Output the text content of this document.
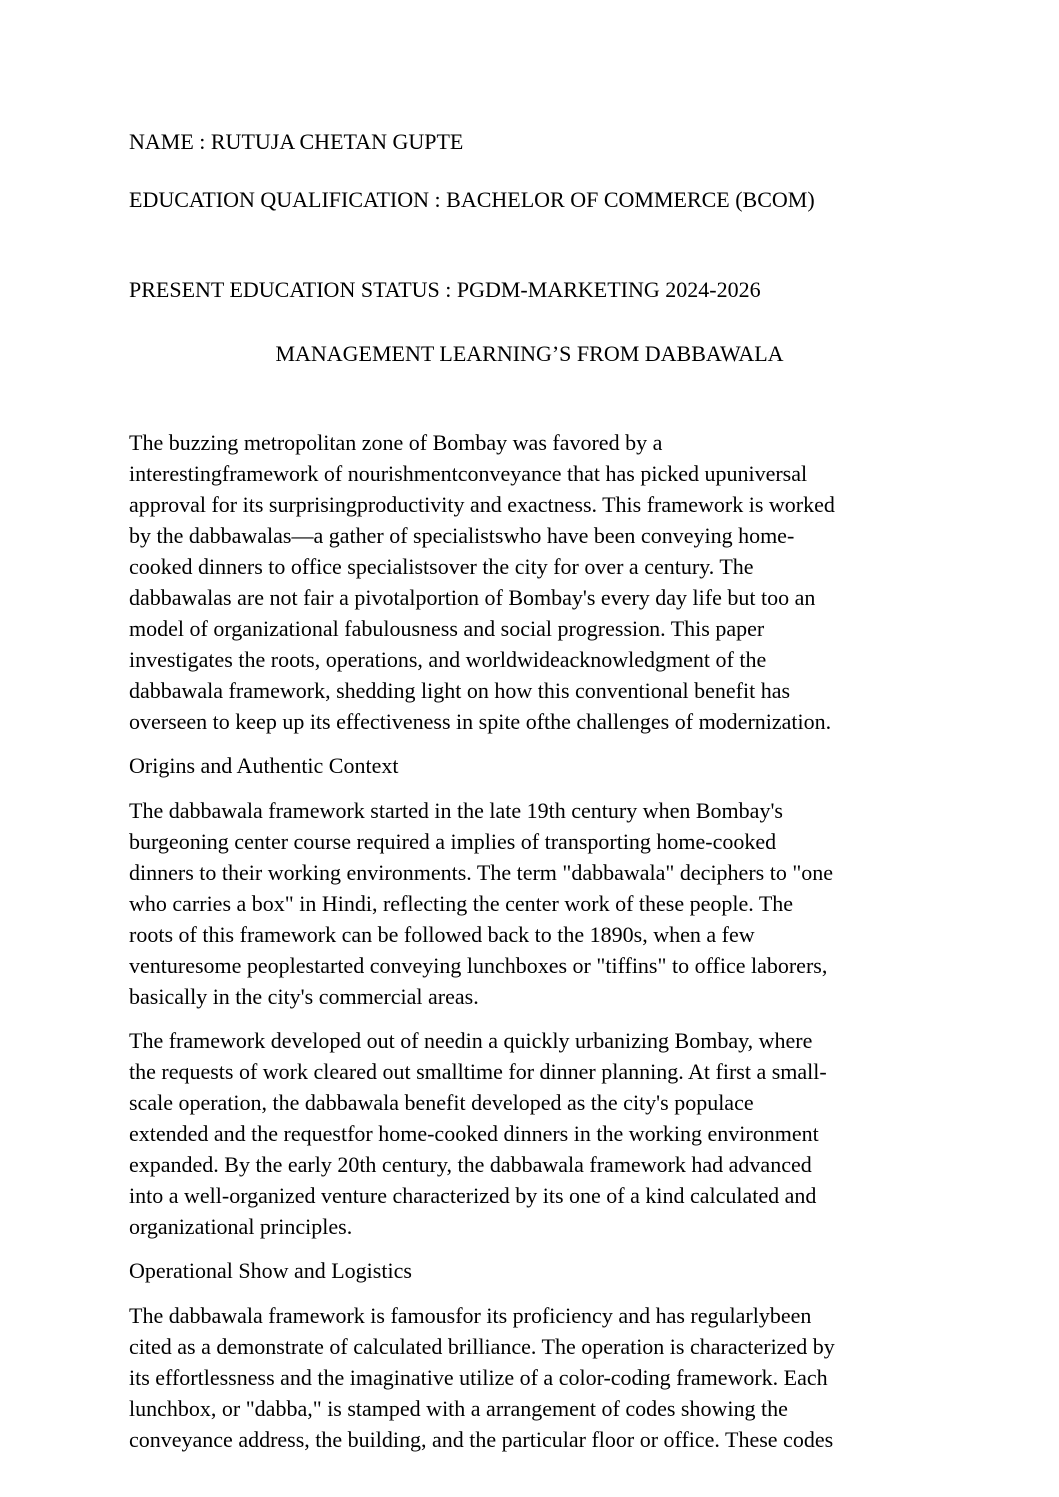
NAME : RUTUJA CHETAN GUPTE
EDUCATION QUALIFICATION : BACHELOR OF COMMERCE (BCOM)
PRESENT EDUCATION STATUS : PGDM-MARKETING 2024-2026
MANAGEMENT LEARNING’S FROM DABBAWALA
The buzzing metropolitan zone of Bombay was favored by a
interestingframework of nourishmentconveyance that has picked upuniversal
approval for its surprisingproductivity and exactness. This framework is worked
by the dabbawalas—a gather of specialistswho have been conveying home-
cooked dinners to office specialistsover the city for over a century. The
dabbawalas are not fair a pivotalportion of Bombay's every day life but too an
model of organizational fabulousness and social progression. This paper
investigates the roots, operations, and worldwideacknowledgment of the
dabbawala framework, shedding light on how this conventional benefit has
overseen to keep up its effectiveness in spite ofthe challenges of modernization.
Origins and Authentic Context
The dabbawala framework started in the late 19th century when Bombay's
burgeoning center course required a implies of transporting home-cooked
dinners to their working environments. The term "dabbawala" deciphers to "one
who carries a box" in Hindi, reflecting the center work of these people. The
roots of this framework can be followed back to the 1890s, when a few
venturesome peoplestarted conveying lunchboxes or "tiffins" to office laborers,
basically in the city's commercial areas.
The framework developed out of needin a quickly urbanizing Bombay, where
the requests of work cleared out smalltime for dinner planning. At first a small-
scale operation, the dabbawala benefit developed as the city's populace
extended and the requestfor home-cooked dinners in the working environment
expanded. By the early 20th century, the dabbawala framework had advanced
into a well-organized venture characterized by its one of a kind calculated and
organizational principles.
Operational Show and Logistics
The dabbawala framework is famousfor its proficiency and has regularlybeen
cited as a demonstrate of calculated brilliance. The operation is characterized by
its effortlessness and the imaginative utilize of a color-coding framework. Each
lunchbox, or "dabba," is stamped with a arrangement of codes showing the
conveyance address, the building, and the particular floor or office. These codes
